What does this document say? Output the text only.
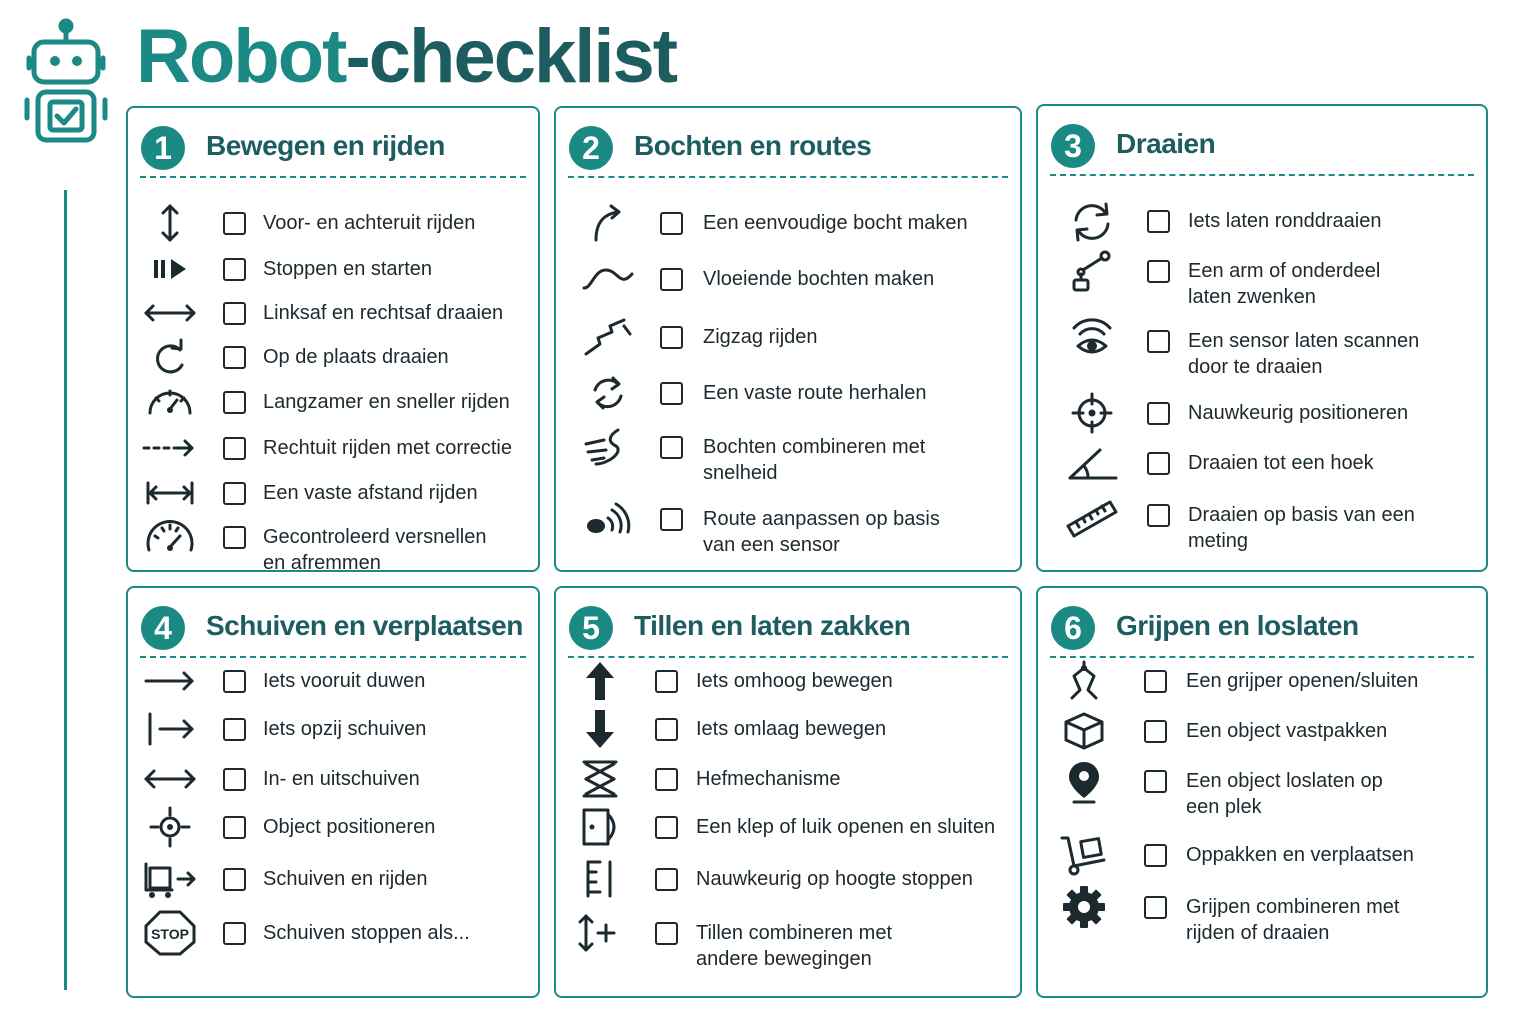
Robot-checklist
1	Bewegen en rijden
Voor- en achteruit rijden
Stoppen en starten
Linksaf en rechtsaf draaien
Op de plaats draaien
Langzamer en sneller rijden
Rechtuit rijden met correctie
Een vaste afstand rijden
Gecontroleerd versnellen
en afremmen
2	Bochten en routes
Een eenvoudige bocht maken
Vloeiende bochten maken
Zigzag rijden
Een vaste route herhalen
Bochten combineren met
snelheid
Route aanpassen op basis
van een sensor
3	Draaien
Iets laten ronddraaien
Een arm of onderdeel
laten zwenken
Een sensor laten scannen
door te draaien
Nauwkeurig positioneren
Draaien tot een hoek
Draaien op basis van een
meting
4	Schuiven en verplaatsen
Iets vooruit duwen
Iets opzij schuiven
In- en uitschuiven
Object positioneren
Schuiven en rijden
STOP	Schuiven stoppen als...
5	Tillen en laten zakken
Iets omhoog bewegen
Iets omlaag bewegen
Hefmechanisme
Een klep of luik openen en sluiten
Nauwkeurig op hoogte stoppen
Tillen combineren met
andere bewegingen
6	Grijpen en loslaten
Een grijper openen/sluiten
Een object vastpakken
Een object loslaten op
een plek
Oppakken en verplaatsen
Grijpen combineren met
rijden of draaien
